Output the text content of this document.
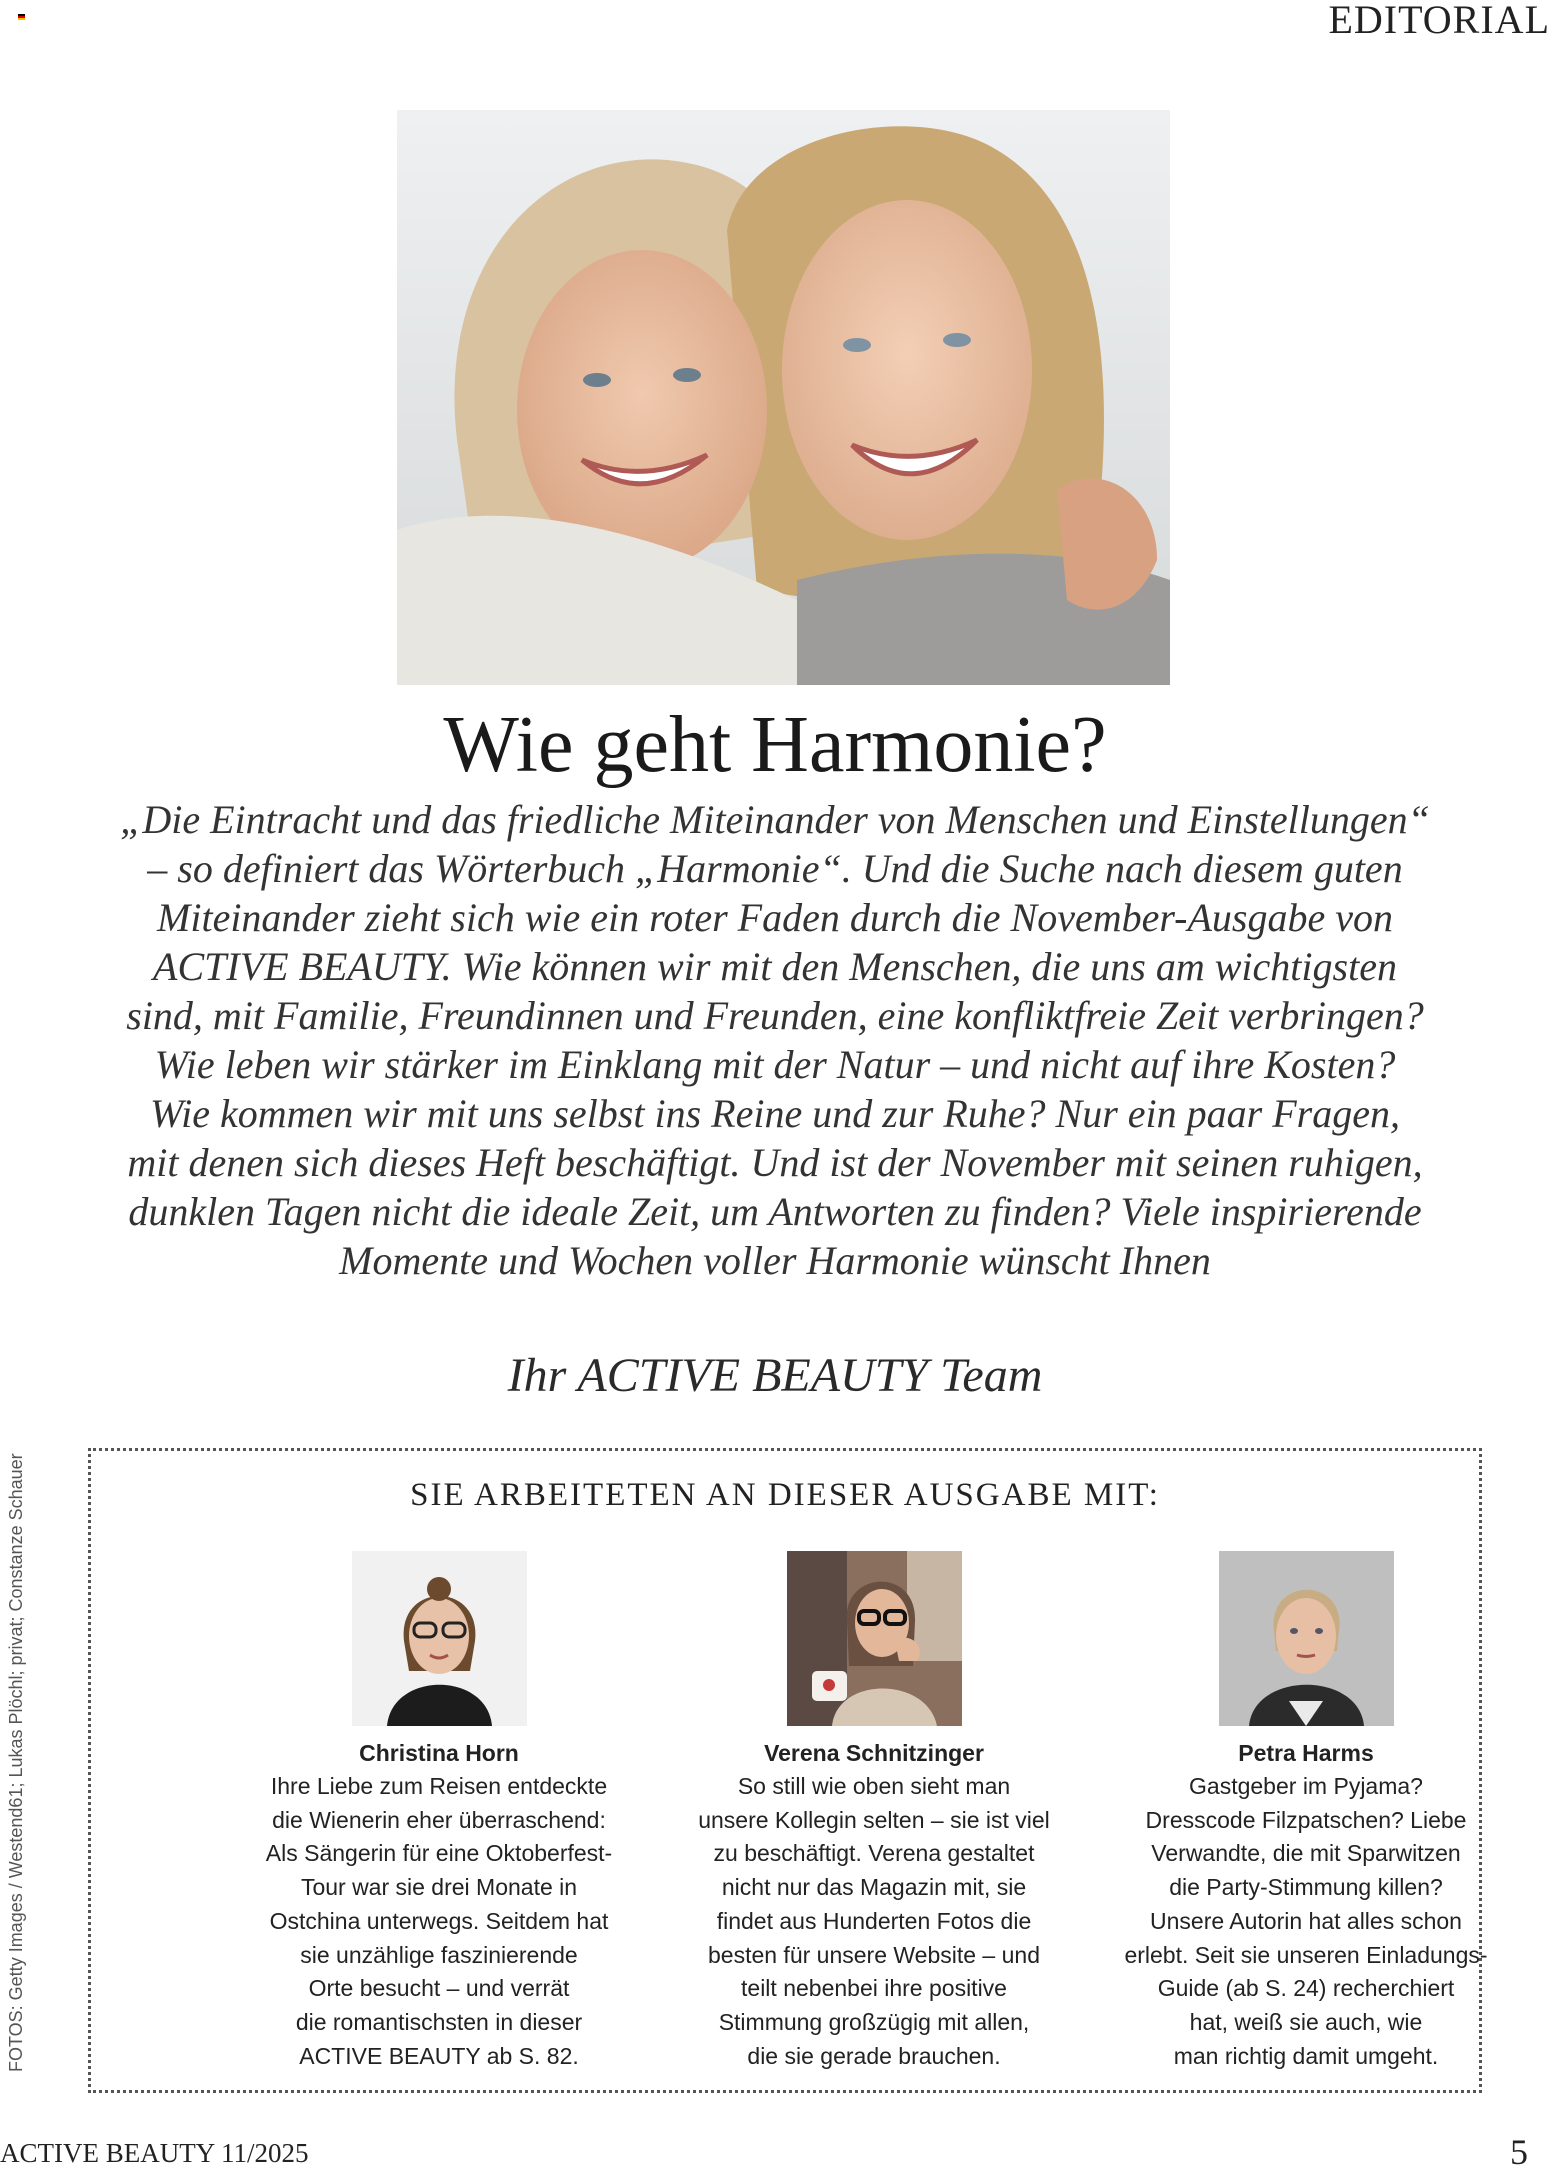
EDITORIAL
Wie geht Harmonie?
„Die Eintracht und das friedliche Miteinander von Menschen und Einstellungen“ – so definiert das Wörterbuch „Harmonie“. Und die Suche nach diesem guten Miteinander zieht sich wie ein roter Faden durch die November-Ausgabe von ACTIVE BEAUTY. Wie können wir mit den Menschen, die uns am wichtigsten sind, mit Familie, Freundinnen und Freunden, eine konfliktfreie Zeit verbringen? Wie leben wir stärker im Einklang mit der Natur – und nicht auf ihre Kosten? Wie kommen wir mit uns selbst ins Reine und zur Ruhe? Nur ein paar Fragen, mit denen sich dieses Heft beschäftigt. Und ist der November mit seinen ruhigen, dunklen Tagen nicht die ideale Zeit, um Antworten zu finden? Viele inspirierende Momente und Wochen voller Harmonie wünscht Ihnen
Ihr ACTIVE BEAUTY Team
FOTOS: Getty Images / Westend61; Lukas Plöchl; privat; Constanze Schauer	SIE ARBEITETEN AN DIESER AUSGABE MIT:
Christina Horn
Ihre Liebe zum Reisen entdeckte
die Wienerin eher überraschend:
Als Sängerin für eine Oktoberfest-
Tour war sie drei Monate in
Ostchina unterwegs. Seitdem hat
sie unzählige faszinierende
Orte besucht – und verrät
die romantischsten in dieser
ACTIVE BEAUTY ab S. 82.
Verena Schnitzinger
So still wie oben sieht man
unsere Kollegin selten – sie ist viel
zu beschäftigt. Verena gestaltet
nicht nur das Magazin mit, sie
findet aus Hunderten Fotos die
besten für unsere Website – und
teilt nebenbei ihre positive
Stimmung großzügig mit allen,
die sie gerade brauchen.
Petra Harms
Gastgeber im Pyjama?
Dresscode Filzpatschen? Liebe
Verwandte, die mit Sparwitzen
die Party-Stimmung killen?
Unsere Autorin hat alles schon
erlebt. Seit sie unseren Einladungs-
Guide (ab S. 24) recherchiert
hat, weiß sie auch, wie
man richtig damit umgeht.
ACTIVE BEAUTY 11/2025	5
